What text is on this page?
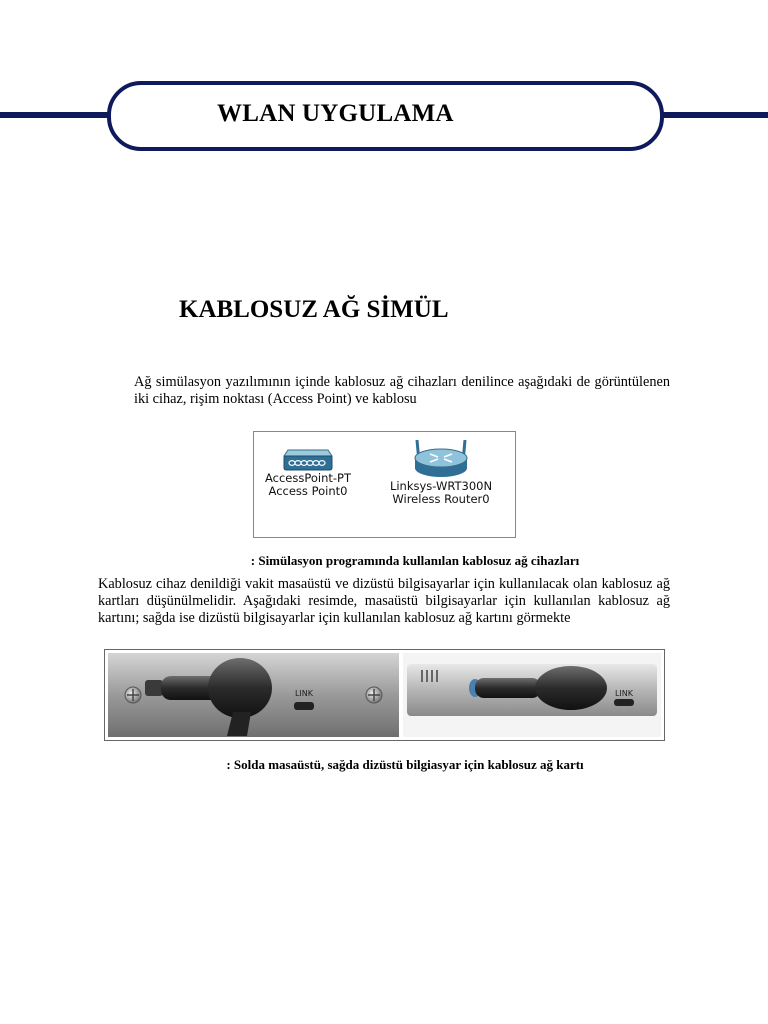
WLAN UYGULAMA
KABLOSUZ AĞ SİMÜL
Ağ simülasyon yazılımının içinde kablosuz ağ cihazları denilince aşağıdaki de görüntülenen iki cihaz, rişim noktası (Access Point) ve kablosu
AccessPoint-PT
Access Point0	Linksys-WRT300N
Wireless Router0
: Simülasyon programında kullanılan kablosuz ağ cihazları
Kablosuz cihaz denildiği vakit masaüstü ve dizüstü bilgisayarlar için kullanılacak olan kablosuz ağ kartları düşünülmelidir. Aşağıdaki resimde, masaüstü bilgisayarlar için kullanılan kablosuz ağ kartını; sağda ise dizüstü bilgisayarlar için kullanılan kablosuz ağ kartını görmekte
LINK	LINK
: Solda masaüstü, sağda dizüstü bilgiasyar için kablosuz ağ kartı
